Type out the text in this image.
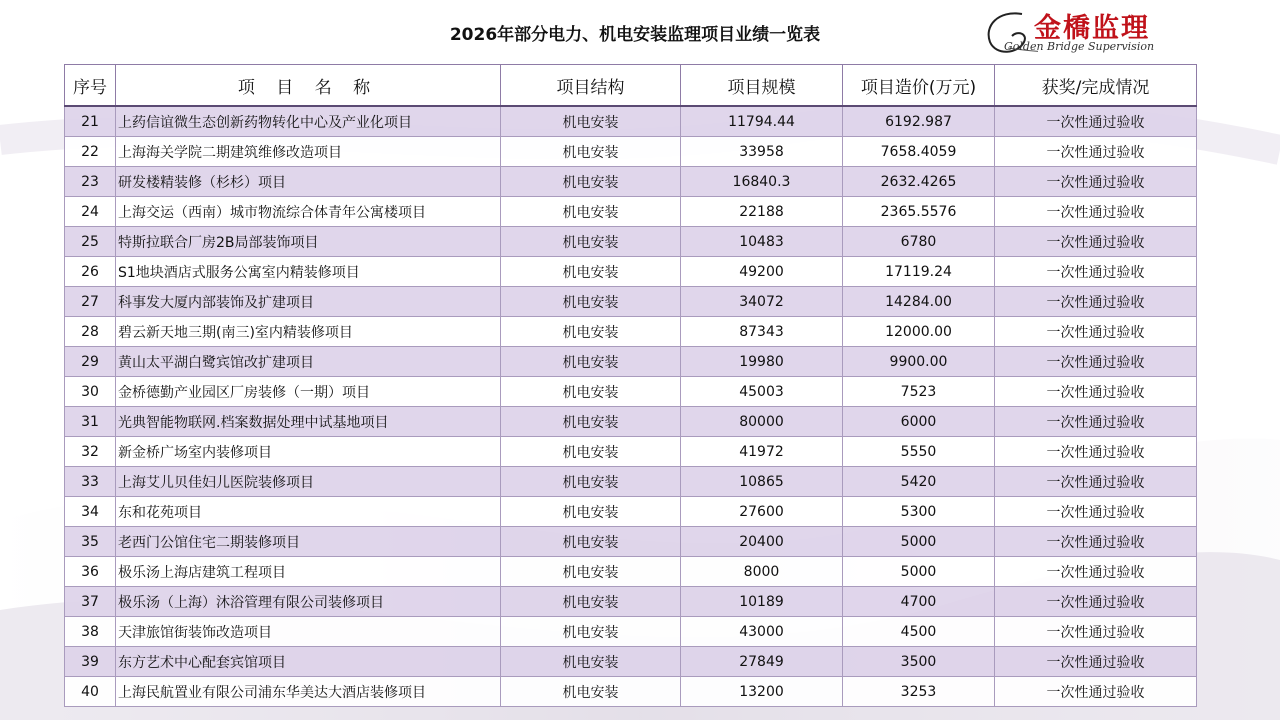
2026年部分电力、机电安装监理项目业绩一览表	金橋监理
Golden Bridge Supervision
序号	项 目 名 称	项目结构	项目规模	项目造价(万元)	获奖/完成情况
21	上药信谊微生态创新药物转化中心及产业化项目	机电安装	11794.44	6192.987	一次性通过验收
22	上海海关学院二期建筑维修改造项目	机电安装	33958	7658.4059	一次性通过验收
23	研发楼精装修（杉杉）项目	机电安装	16840.3	2632.4265	一次性通过验收
24	上海交运（西南）城市物流综合体青年公寓楼项目	机电安装	22188	2365.5576	一次性通过验收
25	特斯拉联合厂房2B局部装饰项目	机电安装	10483	6780	一次性通过验收
26	S1地块酒店式服务公寓室内精装修项目	机电安装	49200	17119.24	一次性通过验收
27	科事发大厦内部装饰及扩建项目	机电安装	34072	14284.00	一次性通过验收
28	碧云新天地三期(南三)室内精装修项目	机电安装	87343	12000.00	一次性通过验收
29	黄山太平湖白鹭宾馆改扩建项目	机电安装	19980	9900.00	一次性通过验收
30	金桥德勤产业园区厂房装修（一期）项目	机电安装	45003	7523	一次性通过验收
31	光典智能物联网.档案数据处理中试基地项目	机电安装	80000	6000	一次性通过验收
32	新金桥广场室内装修项目	机电安装	41972	5550	一次性通过验收
33	上海艾儿贝佳妇儿医院装修项目	机电安装	10865	5420	一次性通过验收
34	东和花苑项目	机电安装	27600	5300	一次性通过验收
35	老西门公馆住宅二期装修项目	机电安装	20400	5000	一次性通过验收
36	极乐汤上海店建筑工程项目	机电安装	8000	5000	一次性通过验收
37	极乐汤（上海）沐浴管理有限公司装修项目	机电安装	10189	4700	一次性通过验收
38	天津旅馆街装饰改造项目	机电安装	43000	4500	一次性通过验收
39	东方艺术中心配套宾馆项目	机电安装	27849	3500	一次性通过验收
40	上海民航置业有限公司浦东华美达大酒店装修项目	机电安装	13200	3253	一次性通过验收
